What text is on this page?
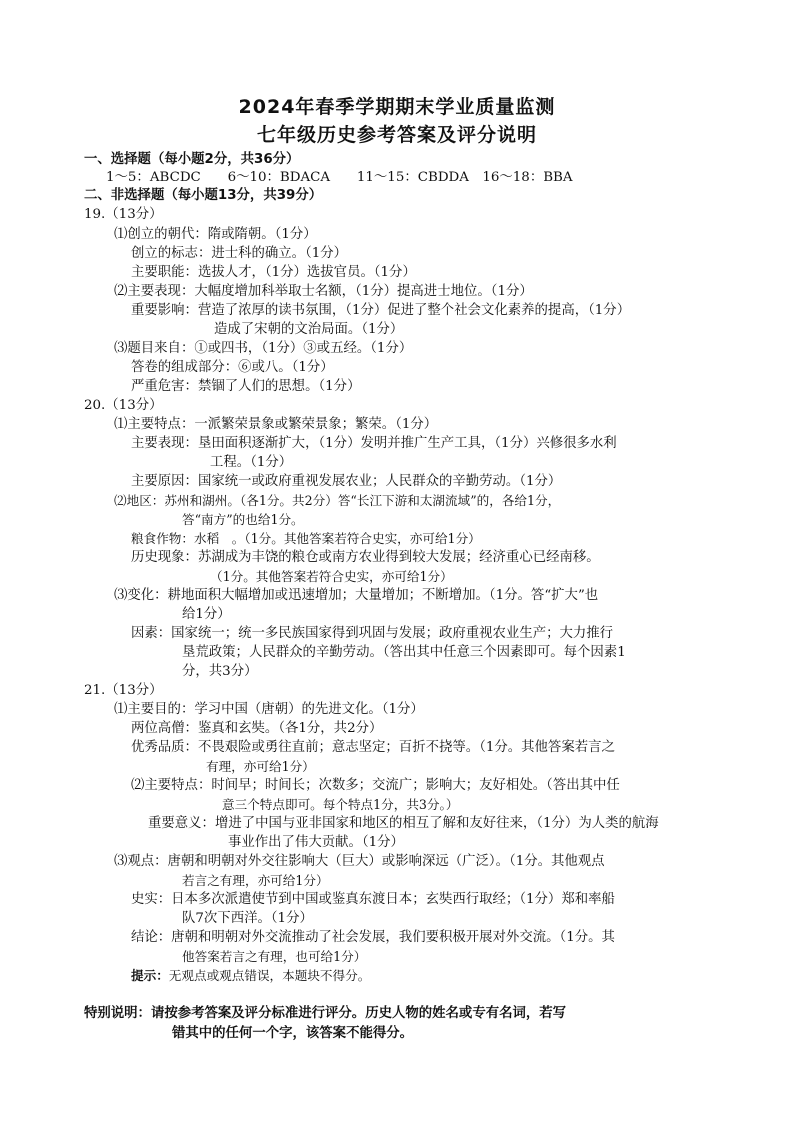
2024年春季学期期末学业质量监测
七年级历史参考答案及评分说明
一、选择题（每小题2分，共36分）
1～5：ABCDC　　6～10：BDACA　　11～15：CBDDA　16～18：BBA
二、非选择题（每小题13分，共39分）
19.（13分）
⑴创立的朝代：隋或隋朝。（1分）
创立的标志：进士科的确立。（1分）
主要职能：选拔人才，（1分）选拔官员。（1分）
⑵主要表现：大幅度增加科举取士名额，（1分）提高进士地位。（1分）
重要影响：营造了浓厚的读书氛围，（1分）促进了整个社会文化素养的提高，（1分）
造成了宋朝的文治局面。（1分）
⑶题目来自：①或四书，（1分）③或五经。（1分）
答卷的组成部分：⑥或八。（1分）
严重危害：禁锢了人们的思想。（1分）
20.（13分）
⑴主要特点：一派繁荣景象或繁荣景象；繁荣。（1分）
主要表现：垦田面积逐渐扩大，（1分）发明并推广生产工具，（1分）兴修很多水利
工程。（1分）
主要原因：国家统一或政府重视发展农业；人民群众的辛勤劳动。（1分）
⑵地区：苏州和湖州。（各1分。共2分）答“长江下游和太湖流域”的，各给1分，
答“南方”的也给1分。
粮食作物：水稻　。（1分。其他答案若符合史实，亦可给1分）
历史现象：苏湖成为丰饶的粮仓或南方农业得到较大发展；经济重心已经南移。
（1分。其他答案若符合史实，亦可给1分）
⑶变化：耕地面积大幅增加或迅速增加；大量增加；不断增加。（1分。答“扩大”也
给1分）
因素：国家统一；统一多民族国家得到巩固与发展；政府重视农业生产；大力推行
垦荒政策；人民群众的辛勤劳动。（答出其中任意三个因素即可。每个因素1
分，共3分）
21.（13分）
⑴主要目的：学习中国（唐朝）的先进文化。（1分）
两位高僧：鉴真和玄奘。（各1分，共2分）
优秀品质：不畏艰险或勇往直前；意志坚定；百折不挠等。（1分。其他答案若言之
有理，亦可给1分）
⑵主要特点：时间早；时间长；次数多；交流广；影响大；友好相处。（答出其中任
意三个特点即可。每个特点1分，共3分。）
重要意义：增进了中国与亚非国家和地区的相互了解和友好往来，（1分）为人类的航海
事业作出了伟大贡献。（1分）
⑶观点：唐朝和明朝对外交往影响大（巨大）或影响深远（广泛）。（1分。其他观点
若言之有理，亦可给1分）
史实：日本多次派遣使节到中国或鉴真东渡日本；玄奘西行取经；（1分）郑和率船
队7次下西洋。（1分）
结论：唐朝和明朝对外交流推动了社会发展，我们要积极开展对外交流。（1分。其
他答案若言之有理，也可给1分）
提示：无观点或观点错误，本题块不得分。
特别说明：请按参考答案及评分标准进行评分。历史人物的姓名或专有名词，若写
错其中的任何一个字，该答案不能得分。
